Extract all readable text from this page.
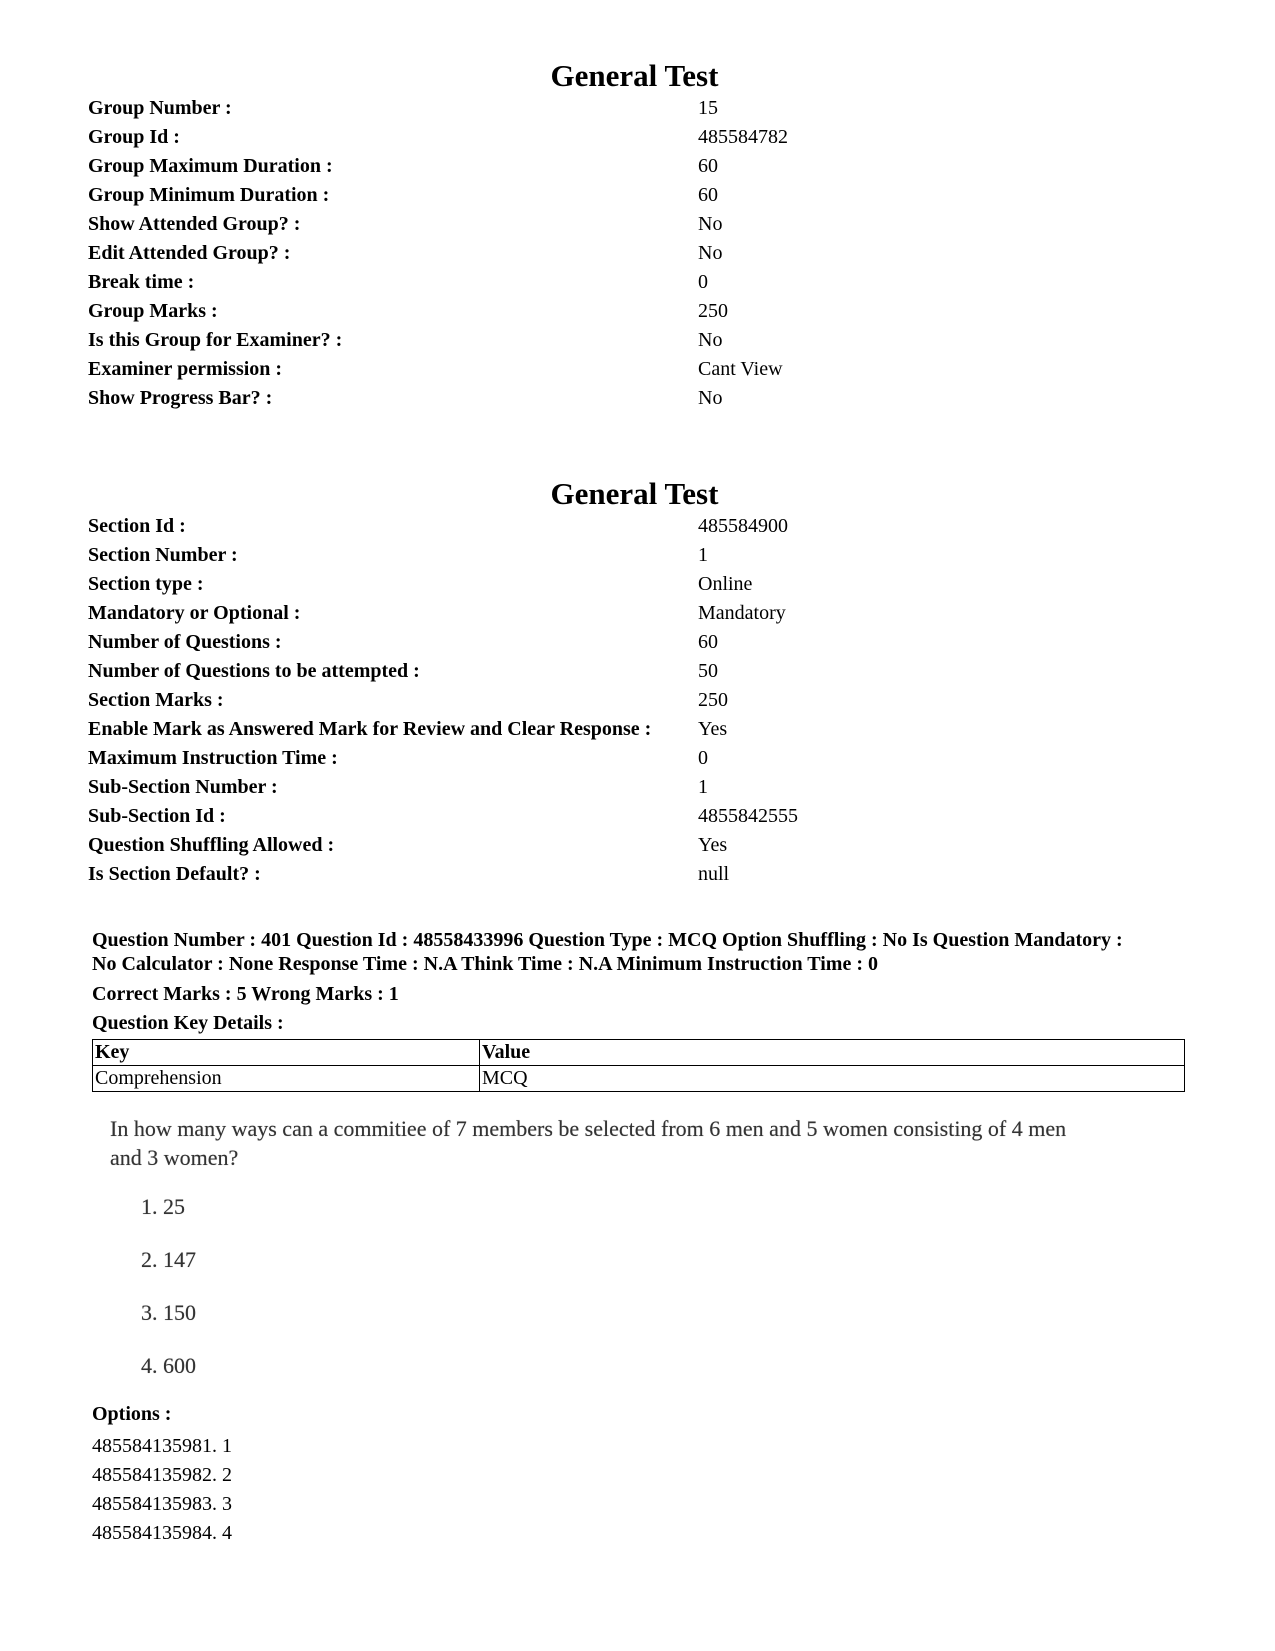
General Test
Group Number :	15
Group Id :	485584782
Group Maximum Duration :	60
Group Minimum Duration :	60
Show Attended Group? :	No
Edit Attended Group? :	No
Break time :	0
Group Marks :	250
Is this Group for Examiner? :	No
Examiner permission :	Cant View
Show Progress Bar? :	No
General Test
Section Id :	485584900
Section Number :	1
Section type :	Online
Mandatory or Optional :	Mandatory
Number of Questions :	60
Number of Questions to be attempted :	50
Section Marks :	250
Enable Mark as Answered Mark for Review and Clear Response : Yes
Maximum Instruction Time :	0
Sub-Section Number :	1
Sub-Section Id :	4855842555
Question Shuffling Allowed :	Yes
Is Section Default? :	null
Question Number : 401 Question Id : 48558433996 Question Type : MCQ Option Shuffling : No Is Question Mandatory :
No Calculator : None Response Time : N.A Think Time : N.A Minimum Instruction Time : 0
Correct Marks : 5 Wrong Marks : 1
Question Key Details :
Key	Value
Comprehension	MCQ
In how many ways can a commitiee of 7 members be selected from 6 men and 5 women consisting of 4 men
and 3 women?
1. 25
2. 147
3. 150
4. 600
Options :
485584135981. 1
485584135982. 2
485584135983. 3
485584135984. 4
